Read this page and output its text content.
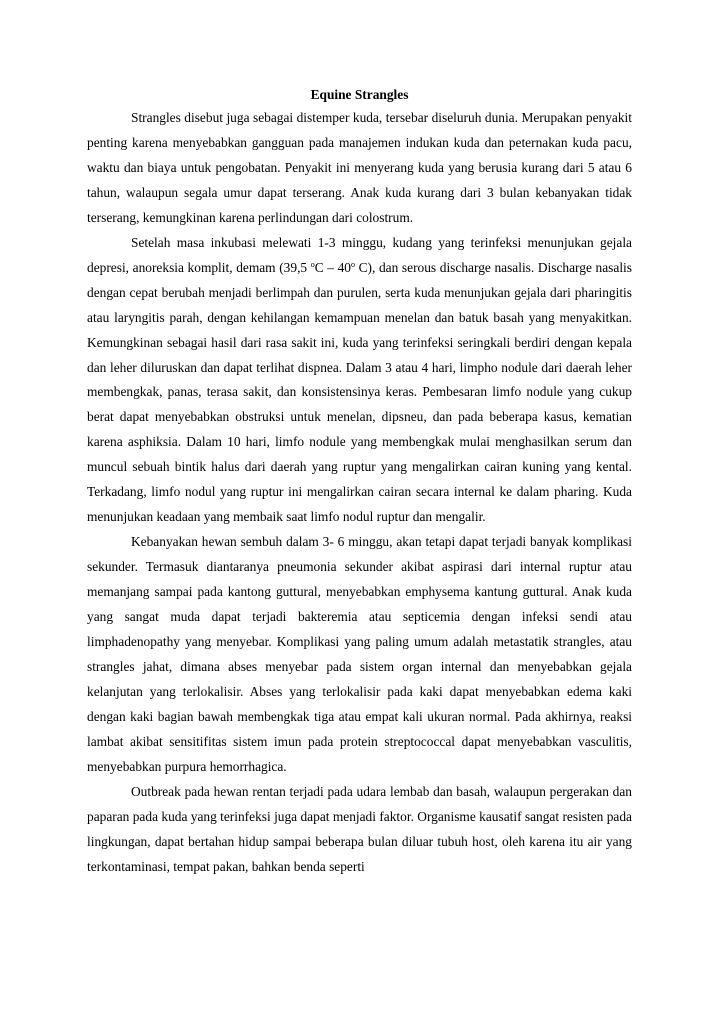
Equine Strangles

Strangles disebut juga sebagai distemper kuda, tersebar diseluruh dunia. Merupakan penyakit penting karena menyebabkan gangguan pada manajemen indukan kuda dan peternakan kuda pacu, waktu dan biaya untuk pengobatan. Penyakit ini menyerang kuda yang berusia kurang dari 5 atau 6 tahun, walaupun segala umur dapat terserang. Anak kuda kurang dari 3 bulan kebanyakan tidak terserang, kemungkinan karena perlindungan dari colostrum.

Setelah masa inkubasi melewati 1-3 minggu, kudang yang terinfeksi menunjukan gejala depresi, anoreksia komplit, demam (39,5 $^o$C – 40$^o$ C), dan serous discharge nasalis. Discharge nasalis dengan cepat berubah menjadi berlimpah dan purulen, serta kuda menunjukan gejala dari pharingitis atau laryngitis parah, dengan kehilangan kemampuan menelan dan batuk basah yang menyakitkan. Kemungkinan sebagai hasil dari rasa sakit ini, kuda yang terinfeksi seringkali berdiri dengan kepala dan leher diluruskan dan dapat terlihat dispnea. Dalam 3 atau 4 hari, limpho nodule dari daerah leher membengkak, panas, terasa sakit, dan konsistensinya keras. Pembesaran limfo nodule yang cukup berat dapat menyebabkan obstruksi untuk menelan, dipsneu, dan pada beberapa kasus, kematian karena asphiksia. Dalam 10 hari, limfo nodule yang membengkak mulai menghasilkan serum dan muncul sebuah bintik halus dari daerah yang ruptur yang mengalirkan cairan kuning yang kental. Terkadang, limfo nodul yang ruptur ini mengalirkan cairan secara internal ke dalam pharing. Kuda menunjukan keadaan yang membaik saat limfo nodul ruptur dan mengalir.

Kebanyakan hewan sembuh dalam 3- 6 minggu, akan tetapi dapat terjadi banyak komplikasi sekunder. Termasuk diantaranya pneumonia sekunder akibat aspirasi dari internal ruptur atau memanjang sampai pada kantong guttural, menyebabkan emphysema kantung guttural. Anak kuda yang sangat muda dapat terjadi bakteremia atau septicemia dengan infeksi sendi atau limphadenopathy yang menyebar. Komplikasi yang paling umum adalah metastatik strangles, atau strangles jahat, dimana abses menyebar pada sistem organ internal dan menyebabkan gejala kelanjutan yang terlokalisir. Abses yang terlokalisir pada kaki dapat menyebabkan edema kaki dengan kaki bagian bawah membengkak tiga atau empat kali ukuran normal. Pada akhirnya, reaksi lambat akibat sensitifitas sistem imun pada protein streptococcal dapat menyebabkan vasculitis, menyebabkan purpura hemorrhagica.

Outbreak pada hewan rentan terjadi pada udara lembab dan basah, walaupun pergerakan dan paparan pada kuda yang terinfeksi juga dapat menjadi faktor. Organisme kausatif sangat resisten pada lingkungan, dapat bertahan hidup sampai beberapa bulan diluar tubuh host, oleh karena itu air yang terkontaminasi, tempat pakan, bahkan benda seperti
